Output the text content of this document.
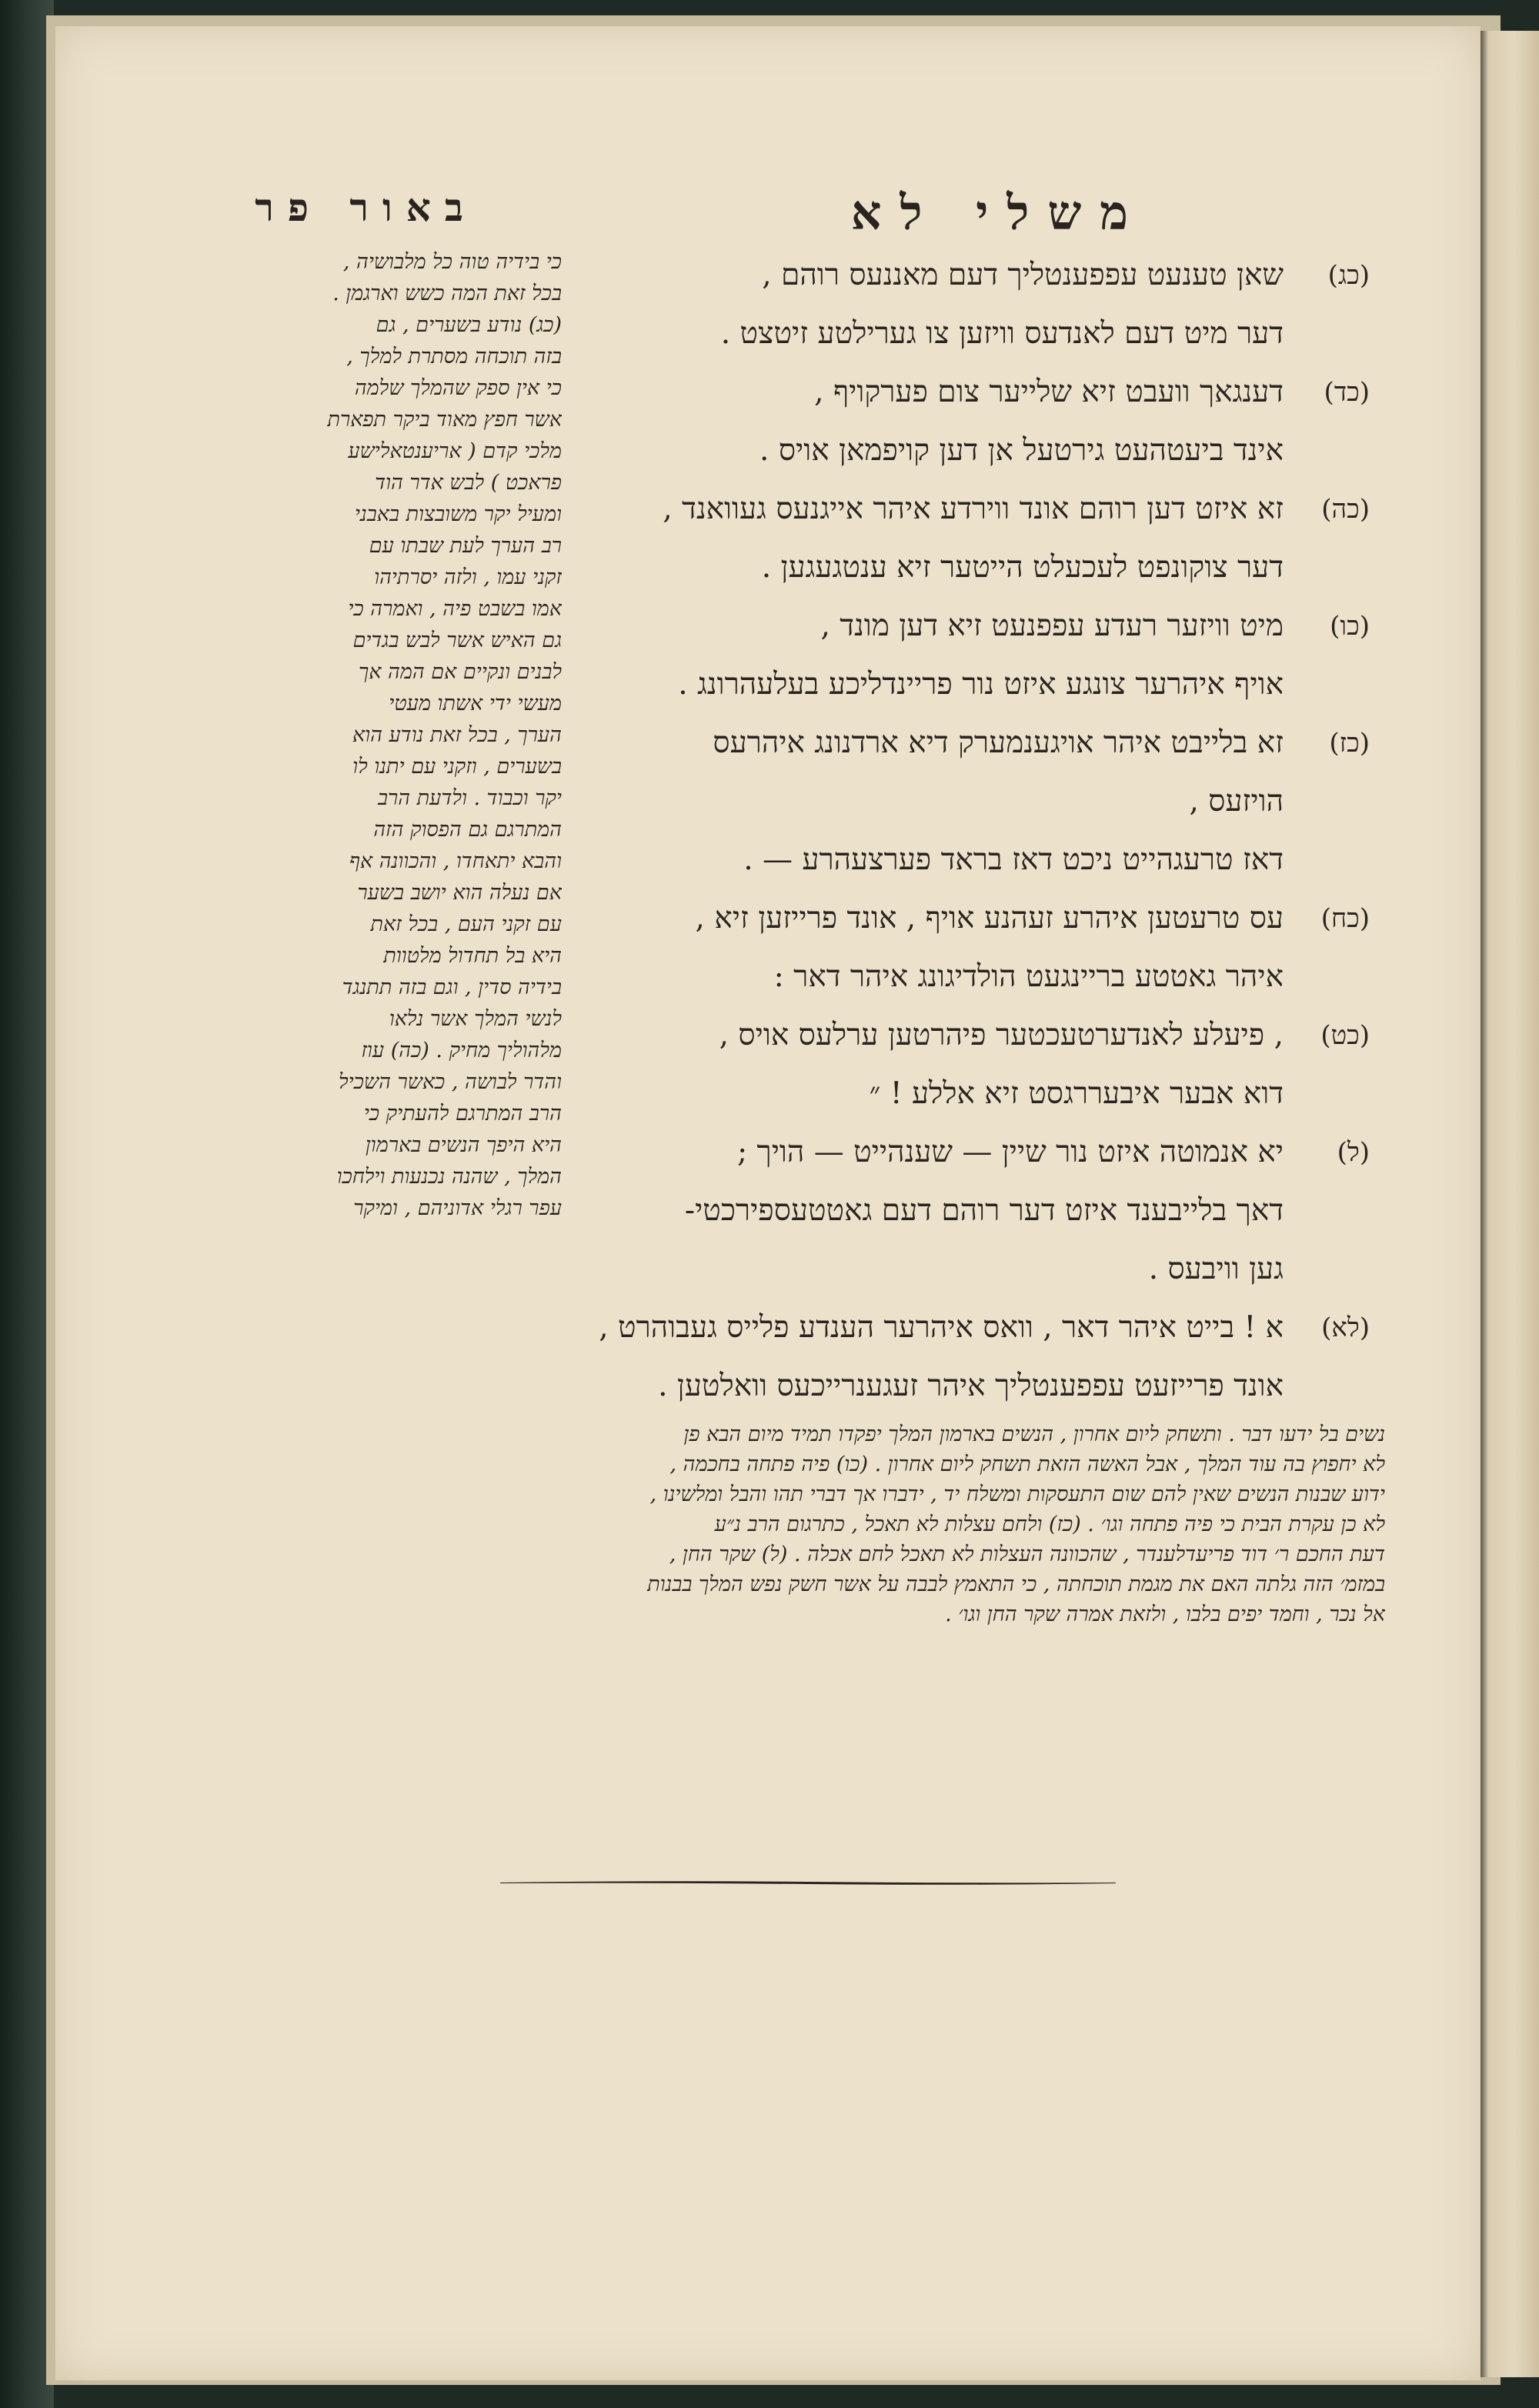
משלי לא
באור פר
(כג)
שאן טענעט עפפענטליך דעם מאננעס רוהם ,
דער מיט דעם לאנדעס וויזען צו גערילטע זיטצט .
(כד)
דענגאך וועבט זיא שלייער צום פערקויף ,
אינד ביעטהעט גירטעל אן דען קויפמאן אויס .
(כה)
זא איזט דען רוהם אונד ווירדע איהר אייגנעס געוואנד ,
דער צוקונפט לעכעלט הייטער זיא ענטגעגען .
(כו)
מיט וויזער רעדע עפפנעט זיא דען מונד ,
אויף איהרער צונגע איזט נור פריינדליכע בעלעהרונג .
(כז)
זא בלייבט איהר אויגענמערק דיא ארדנונג איהרעס
הויזעס ,
דאז טרעגהייט ניכט דאז בראד פערצעהרע — .
(כח)
עס טרעטען איהרע זעהנע אויף , אונד פרייזען זיא ,
איהר גאטטע בריינגעט הולדיגונג איהר דאר :
(כט)
, פיעלע לאנדערטעכטער פיהרטען ערלעס אויס ,
דוא אבער איבעררגסט זיא אללע ! ״
(ל)
יא אנמוטה איזט נור שיין — שענהייט — הויך ;
דאך בלייבענד איזט דער רוהם דעם גאטטעספירכטי-
גען וויבעס .
(לא)
א ! בייט איהר דאר , וואס איהרער הענדע פלייס געבוהרט ,
אונד פרייזעט עפפענטליך איהר זעגענרייכעס וואלטען .
כי בידיה טוה כל מלבושיה ,
בכל זאת המה כשש וארגמן .
(כג) נודע בשערים , גם
בזה תוכחה מסתרת למלך ,
כי אין ספק שהמלך שלמה
אשר חפץ מאוד ביקר תפארת
מלכי קדם ( אריענטאלישע
פראכט ) לבש אדר הוד
ומעיל יקר משובצות באבני
רב הערך לעת שבתו עם
זקני עמו , ולזה יסרתיהו
אמו בשבט פיה , ואמרה כי
גם האיש אשר לבש בגדים
לבנים ונקיים אם המה אך
מעשי ידי אשתו מעטי
הערך , בכל זאת נודע הוא
בשערים , וזקני עם יתנו לו
יקר וכבוד . ולדעת הרב
המתרגם גם הפסוק הזה
והבא יתאחדו , והכוונה אף
אם נעלה הוא יושב בשער
עם זקני העם , בכל זאת
היא בל תחדול מלטוות
בידיה סדין , וגם בזה תתנגד
לנשי המלך אשר נלאו
מלהוליך מחיק . (כה) עוז
והדר לבושה , כאשר השכיל
הרב המתרגם להעתיק כי
היא היפך הנשים בארמון
המלך , שהנה נכנעות וילחכו
עפר רגלי אדוניהם , ומיקר
נשים בל ידעו דבר . ותשחק ליום אחרון , הנשים בארמון המלך יפקדו תמיד מיום הבא פן
לא יחפוץ בה עוד המלך , אבל האשה הזאת תשחק ליום אחרון . (כו) פיה פתחה בחכמה ,
ידוע שבנות הנשים שאין להם שום התעסקות ומשלח יד , ידברו אך דברי תהו והבל ומלשינו ,
לא כן עקרת הבית כי פיה פתחה וגו׳ . (כז) ולחם עצלות לא תאכל , כתרגום הרב נ״ע
דעת החכם ר׳ דוד פריעדלענדר , שהכוונה העצלות לא תאכל לחם אכלה . (ל) שקר החן ,
במזמ׳ הזה גלתה האם את מגמת תוכחתה , כי התאמץ לבבה על אשר חשק נפש המלך בבנות
אל נכר , וחמד יפים בלבו , ולזאת אמרה שקר החן וגו׳ .
